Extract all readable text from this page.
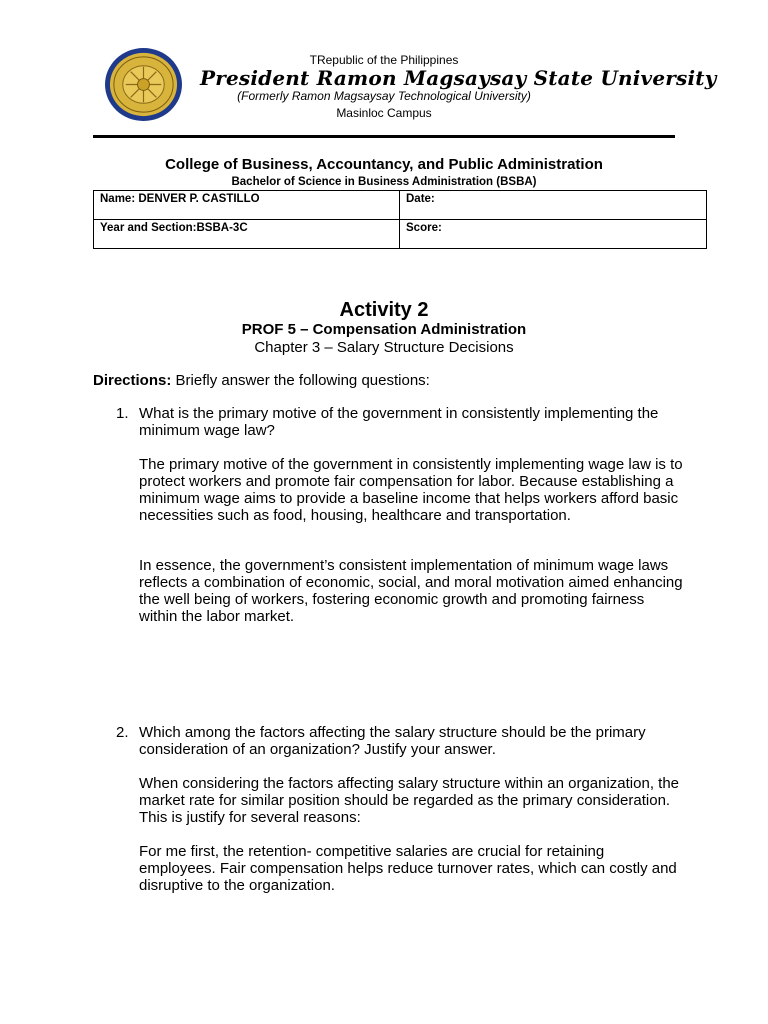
TRepublic of the Philippines
President Ramon Magsaysay State University
(Formerly Ramon Magsaysay Technological University)
Masinloc Campus
College of Business, Accountancy, and Public Administration
Bachelor of Science in Business Administration (BSBA)
Name: DENVER P. CASTILLO	Date:
Year and Section:BSBA-3C	Score:
Activity 2
PROF 5 – Compensation Administration
Chapter 3 – Salary Structure Decisions
Directions: Briefly answer the following questions:
1. What is the primary motive of the government in consistently implementing the minimum wage law?
The primary motive of the government in consistently implementing wage law is to protect workers and promote fair compensation for labor. Because establishing a minimum wage aims to provide a baseline income that helps workers afford basic necessities such as food, housing, healthcare and transportation.
In essence, the government’s consistent implementation of minimum wage laws reflects a combination of economic, social, and moral motivation aimed enhancing the well being of workers, fostering economic growth and promoting fairness within the labor market.
2. Which among the factors affecting the salary structure should be the primary consideration of an organization? Justify your answer.
When considering the factors affecting salary structure within an organization, the market rate for similar position should be regarded as the primary consideration. This is justify for several reasons:
For me first, the retention- competitive salaries are crucial for retaining employees. Fair compensation helps reduce turnover rates, which can costly and disruptive to the organization.
